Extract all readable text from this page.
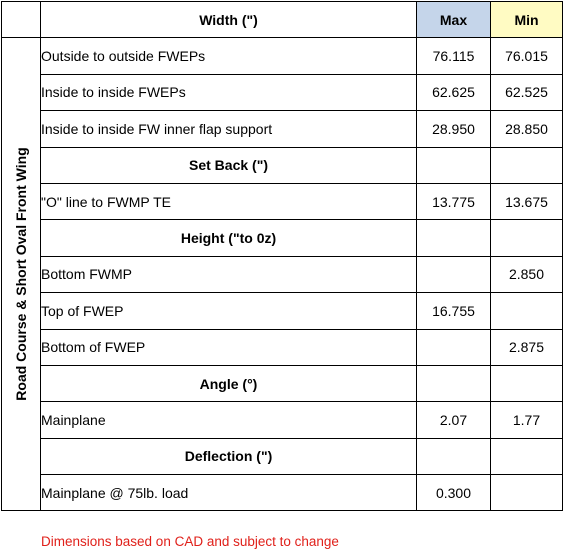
	Width (")	Max	Min

Road Course & Short Oval Front Wing	Outside to outside FWEPs	76.115	76.015
	Inside to inside FWEPs	62.625	62.525
	Inside to inside FW inner flap support	28.950	28.850
	Set Back (")		
	"O" line to FWMP TE	13.775	13.675
	Height ("to 0z)		
	Bottom FWMP		2.850
	Top of FWEP	16.755	
	Bottom of FWEP		2.875
	Angle (°)		
	Mainplane	2.07	1.77
	Deflection (")		
	Mainplane @ 75lb. load	0.300	
Dimensions based on CAD and subject to change
